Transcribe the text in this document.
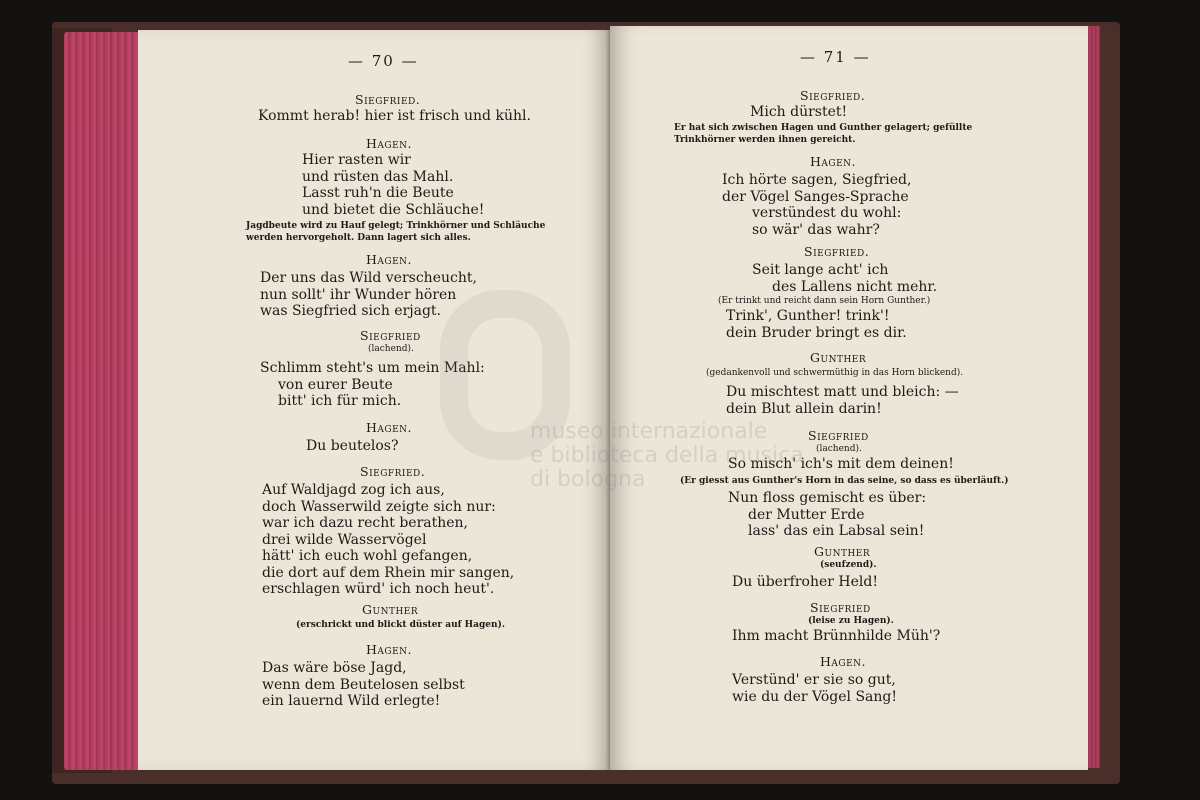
— 70 —
Siegfried.
Kommt herab! hier ist frisch und kühl.
Hagen.
Hier rasten wir
und rüsten das Mahl.
Lasst ruh'n die Beute
und bietet die Schläuche!
Jagdbeute wird zu Hauf gelegt; Trinkhörner und Schläuche
werden hervorgeholt. Dann lagert sich alles.
Hagen.
Der uns das Wild verscheucht,
nun sollt' ihr Wunder hören
was Siegfried sich erjagt.
Siegfried
(lachend).
Schlimm steht's um mein Mahl:
von eurer Beute
bitt' ich für mich.
Hagen.
Du beutelos?
Siegfried.
Auf Waldjagd zog ich aus,
doch Wasserwild zeigte sich nur:
war ich dazu recht berathen,
drei wilde Wasservögel
hätt' ich euch wohl gefangen,
die dort auf dem Rhein mir sangen,
erschlagen würd' ich noch heut'.
Gunther
(erschrickt und blickt düster auf Hagen).
Hagen.
Das wäre böse Jagd,
wenn dem Beutelosen selbst
ein lauernd Wild erlegte!
— 71 —
Siegfried.
Mich dürstet!
Er hat sich zwischen Hagen und Gunther gelagert; gefüllte
Trinkhörner werden ihnen gereicht.
Hagen.
Ich hörte sagen, Siegfried,
der Vögel Sanges-Sprache
verstündest du wohl:
so wär' das wahr?
Siegfried.
Seit lange acht' ich
des Lallens nicht mehr.
(Er trinkt und reicht dann sein Horn Gunther.)
Trink', Gunther! trink'!
dein Bruder bringt es dir.
Gunther
(gedankenvoll und schwermüthig in das Horn blickend).
Du mischtest matt und bleich: —
dein Blut allein darin!
Siegfried
(lachend).
So misch' ich's mit dem deinen!
(Er giesst aus Gunther's Horn in das seine, so dass es überläuft.)
Nun floss gemischt es über:
der Mutter Erde
lass' das ein Labsal sein!
Gunther
(seufzend).
Du überfroher Held!
Siegfried
(leise zu Hagen).
Ihm macht Brünnhilde Müh'?
Hagen.
Verstünd' er sie so gut,
wie du der Vögel Sang!
museo internazionale
e biblioteca della musica
di bologna
